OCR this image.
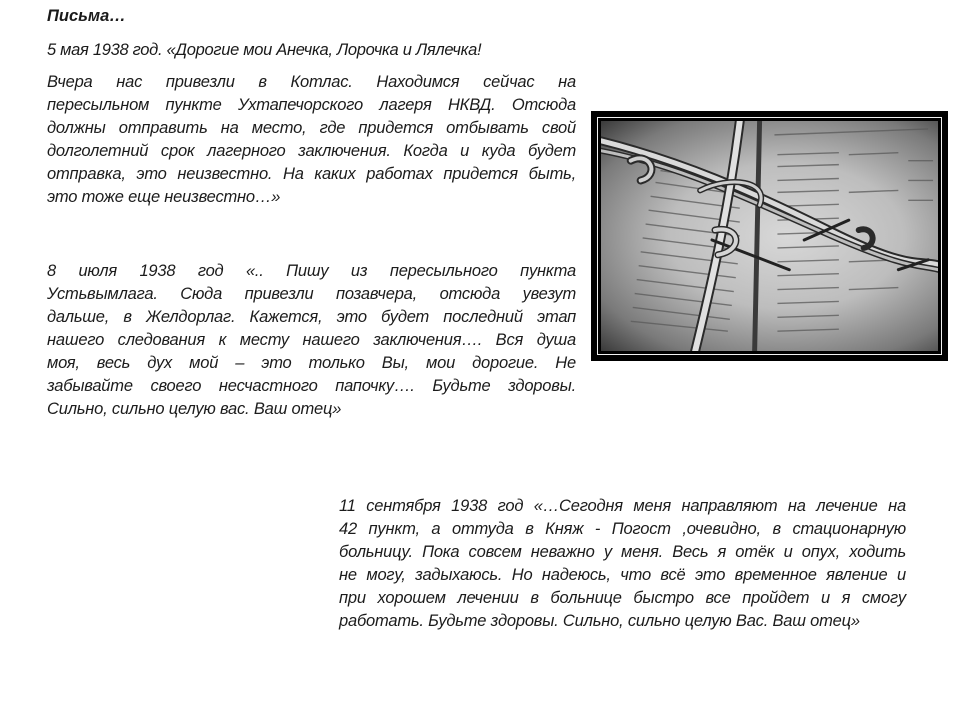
Письма…
5 мая 1938 год. «Дорогие мои Анечка, Лорочка и Лялечка!
Вчера нас привезли в Котлас. Находимся сейчас на
пересыльном пункте Ухтапечорского лагеря НКВД. Отсюда
должны отправить на место, где придется отбывать свой
долголетний срок лагерного заключения. Когда и куда будет
отправка, это неизвестно. На каких работах придется быть,
это тоже еще неизвестно…»
8 июля 1938 год «.. Пишу из пересыльного пункта
Устьвымлага. Сюда привезли позавчера, отсюда увезут
дальше, в Желдорлаг. Кажется, это будет последний этап
нашего следования к месту нашего заключения…. Вся душа
моя, весь дух мой – это только Вы, мои дорогие. Не
забывайте своего несчастного папочку…. Будьте здоровы.
Сильно, сильно целую вас. Ваш отец»
11 сентября 1938 год «…Сегодня меня направляют на лечение на
42 пункт, а оттуда в Княж - Погост ,очевидно, в стационарную
больницу. Пока совсем неважно у меня. Весь я отёк и опух, ходить
не могу, задыхаюсь. Но надеюсь, что всё это временное явление и
при хорошем лечении в больнице быстро все пройдет и я смогу
работать. Будьте здоровы. Сильно, сильно целую Вас. Ваш отец»
